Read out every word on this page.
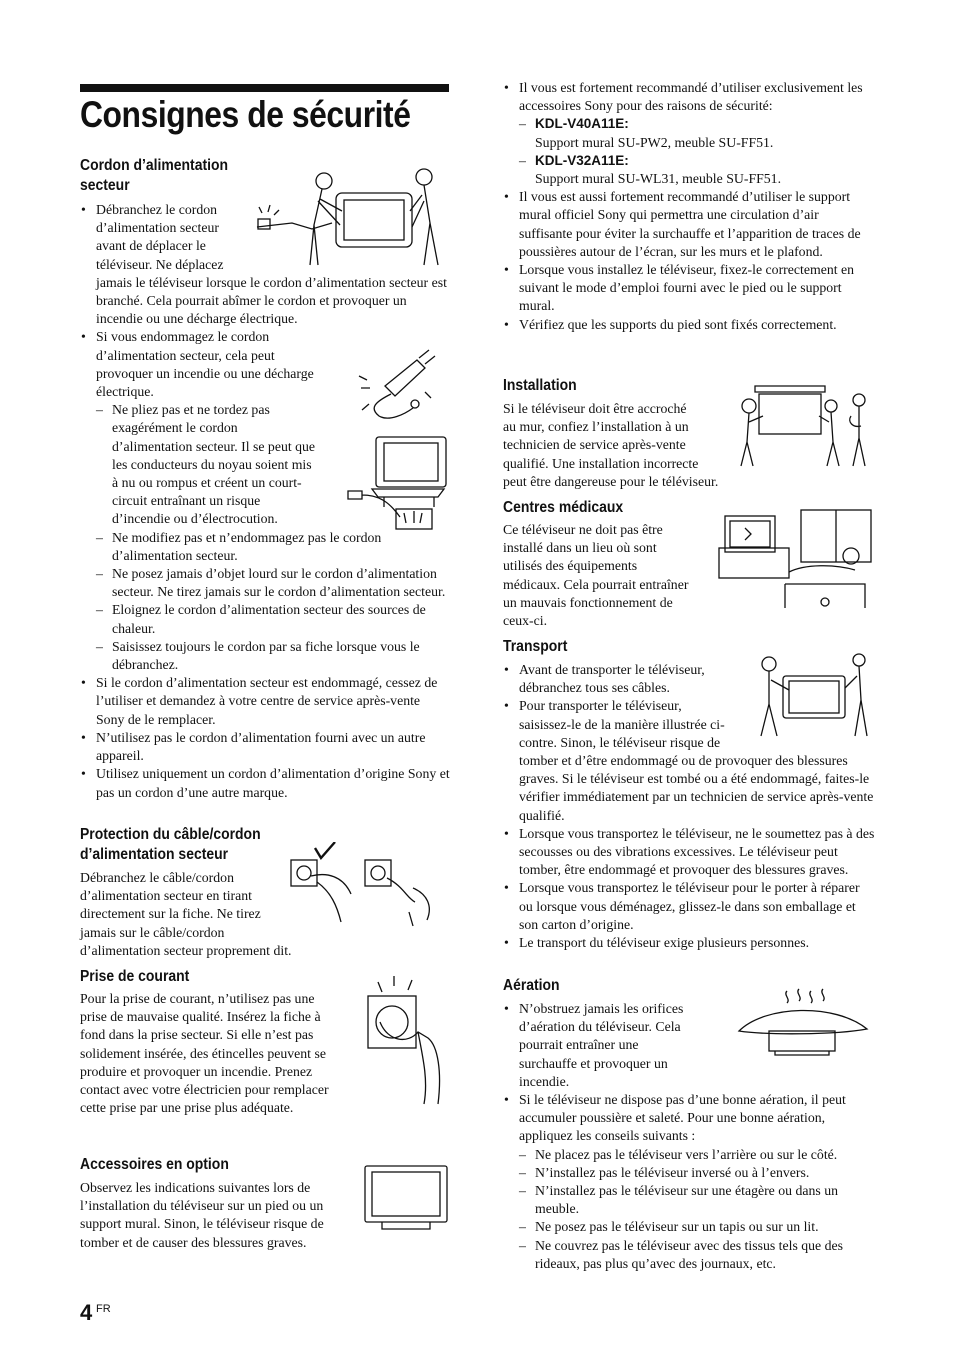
Consignes de sécurité
Cordon d’alimentation
secteur
• Débranchez le cordon
d’alimentation secteur
avant de déplacer le
téléviseur. Ne déplacez
jamais le téléviseur lorsque le cordon d’alimentation secteur est branché. Cela pourrait abîmer le cordon et provoquer un incendie ou une décharge électrique.
• Si vous endommagez le cordon
d’alimentation secteur, cela peut
provoquer un incendie ou une décharge
électrique.
– Ne pliez pas et ne tordez pas
exagérément le cordon
d’alimentation secteur. Il se peut que
les conducteurs du noyau soient mis
à nu ou rompus et créent un court-
circuit entraînant un risque
d’incendie ou d’électrocution.
– Ne modifiez pas et n’endommagez pas le cordon d’alimentation secteur.
– Ne posez jamais d’objet lourd sur le cordon d’alimentation secteur. Ne tirez jamais sur le cordon d’alimentation secteur.
– Eloignez le cordon d’alimentation secteur des sources de chaleur.
– Saisissez toujours le cordon par sa fiche lorsque vous le débranchez.
• Si le cordon d’alimentation secteur est endommagé, cessez de l’utiliser et demandez à votre centre de service après-vente Sony de le remplacer.
• N’utilisez pas le cordon d’alimentation fourni avec un autre appareil.
• Utilisez uniquement un cordon d’alimentation d’origine Sony et pas un cordon d’une autre marque.
Protection du câble/cordon
d’alimentation secteur
Débranchez le câble/cordon
d’alimentation secteur en tirant
directement sur la fiche. Ne tirez
jamais sur le câble/cordon
d’alimentation secteur proprement dit.
Prise de courant
Pour la prise de courant, n’utilisez pas une
prise de mauvaise qualité. Insérez la fiche à
fond dans la prise secteur. Si elle n’est pas
solidement insérée, des étincelles peuvent se
produire et provoquer un incendie. Prenez
contact avec votre électricien pour remplacer
cette prise par une prise plus adéquate.
Accessoires en option
Observez les indications suivantes lors de
l’installation du téléviseur sur un pied ou un
support mural. Sinon, le téléviseur risque de
tomber et de causer des blessures graves.
4 FR
• Il vous est fortement recommandé d’utiliser exclusivement les accessoires Sony pour des raisons de sécurité:
– KDL-V40A11E:
Support mural SU-PW2, meuble SU-FF51.
– KDL-V32A11E:
Support mural SU-WL31, meuble SU-FF51.
• Il vous est aussi fortement recommandé d’utiliser le support mural officiel Sony qui permettra une circulation d’air suffisante pour éviter la surchauffe et l’apparition de traces de poussières autour de l’écran, sur les murs et le plafond.
• Lorsque vous installez le téléviseur, fixez-le correctement en suivant le mode d’emploi fourni avec le pied ou le support mural.
• Vérifiez que les supports du pied sont fixés correctement.
Installation
Si le téléviseur doit être accroché
au mur, confiez l’installation à un
technicien de service après-vente
qualifié. Une installation incorrecte
peut être dangereuse pour le téléviseur.
Centres médicaux
Ce téléviseur ne doit pas être
installé dans un lieu où sont
utilisés des équipements
médicaux. Cela pourrait entraîner
un mauvais fonctionnement de
ceux-ci.
Transport
• Avant de transporter le téléviseur,
débranchez tous ses câbles.
• Pour transporter le téléviseur,
saisissez-le de la manière illustrée ci-
contre. Sinon, le téléviseur risque de
tomber et d’être endommagé ou de provoquer des blessures graves. Si le téléviseur est tombé ou a été endommagé, faites-le vérifier immédiatement par un technicien de service après-vente qualifié.
• Lorsque vous transportez le téléviseur, ne le soumettez pas à des secousses ou des vibrations excessives. Le téléviseur peut tomber, être endommagé et provoquer des blessures graves.
• Lorsque vous transportez le téléviseur pour le porter à réparer ou lorsque vous déménagez, glissez-le dans son emballage et son carton d’origine.
• Le transport du téléviseur exige plusieurs personnes.
Aération
• N’obstruez jamais les orifices
d’aération du téléviseur. Cela
pourrait entraîner une
surchauffe et provoquer un
incendie.
• Si le téléviseur ne dispose pas d’une bonne aération, il peut accumuler poussière et saleté. Pour une bonne aération, appliquez les conseils suivants :
– Ne placez pas le téléviseur vers l’arrière ou sur le côté.
– N’installez pas le téléviseur inversé ou à l’envers.
– N’installez pas le téléviseur sur une étagère ou dans un meuble.
– Ne posez pas le téléviseur sur un tapis ou sur un lit.
– Ne couvrez pas le téléviseur avec des tissus tels que des rideaux, pas plus qu’avec des journaux, etc.
